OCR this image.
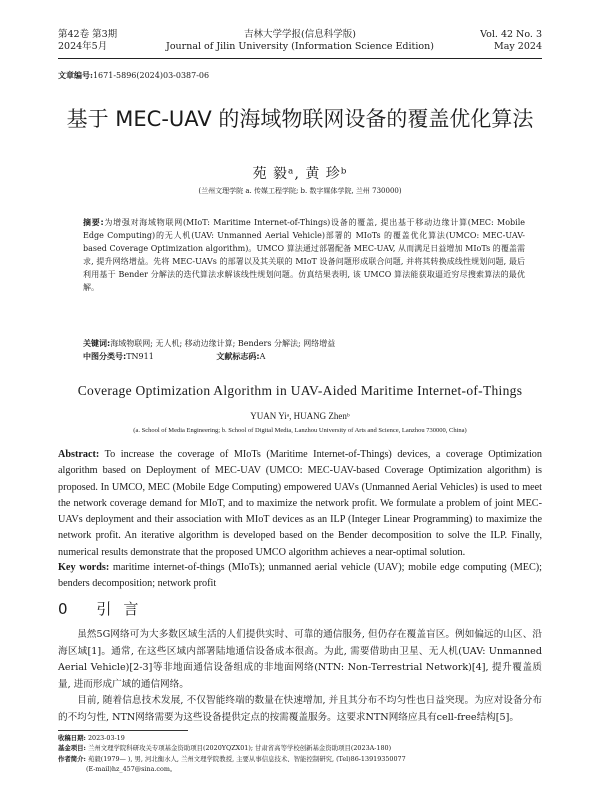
第42卷 第3期
2024年5月
吉林大学学报(信息科学版)
Journal of Jilin University (Information Science Edition)
Vol. 42 No. 3
May 2024
文章编号:1671-5896(2024)03-0387-06
基于 MEC-UAV 的海域物联网设备的覆盖优化算法
苑 毅ᵃ, 黄 珍ᵇ
(兰州文理学院 a. 传媒工程学院; b. 数字媒体学院, 兰州 730000)
摘要:为增强对海域物联网(MIoT: Maritime Internet-of-Things)设备的覆盖, 提出基于移动边缘计算(MEC: Mobile Edge Computing)的无人机(UAV: Unmanned Aerial Vehicle)部署的 MIoTs 的覆盖优化算法(UMCO: MEC-UAV-based Coverage Optimization algorithm)。UMCO 算法通过部署配备 MEC-UAV, 从而满足日益增加 MIoTs 的覆盖需求, 提升网络增益。先将 MEC-UAVs 的部署以及其关联的 MIoT 设备问题形成联合问题, 并将其转换成线性规划问题, 最后利用基于 Bender 分解法的迭代算法求解该线性规划问题。仿真结果表明, 该 UMCO 算法能获取逼近穷尽搜索算法的最优解。
关键词:海域物联网; 无人机; 移动边缘计算; Benders 分解法; 网络增益
中图分类号:TN911	文献标志码:A
Coverage Optimization Algorithm in UAV-Aided Maritime Internet-of-Things
YUAN Yiᵃ, HUANG Zhenᵇ
(a. School of Media Engineering; b. School of Digital Media, Lanzhou University of Arts and Science, Lanzhou 730000, China)
Abstract: To increase the coverage of MIoTs (Maritime Internet-of-Things) devices, a coverage Optimization algorithm based on Deployment of MEC-UAV (UMCO: MEC-UAV-based Coverage Optimization algorithm) is proposed. In UMCO, MEC (Mobile Edge Computing) empowered UAVs (Unmanned Aerial Vehicles) is used to meet the network coverage demand for MIoT, and to maximize the network profit. We formulate a problem of joint MEC-UAVs deployment and their association with MIoT devices as an ILP (Integer Linear Programming) to maximize the network profit. An iterative algorithm is developed based on the Bender decomposition to solve the ILP. Finally, numerical results demonstrate that the proposed UMCO algorithm achieves a near-optimal solution.
Key words: maritime internet-of-things (MIoTs); unmanned aerial vehicle (UAV); mobile edge computing (MEC); benders decomposition; network profit
0 引言

虽然5G网络可为大多数区域生活的人们提供实时、可靠的通信服务, 但仍存在覆盖盲区。例如偏远的山区、沿海区域[1]。通常, 在这些区域内部署陆地通信设备成本很高。为此, 需要借助由卫星、无人机(UAV: Unmanned Aerial Vehicle)[2-3]等非地面通信设备组成的非地面网络(NTN: Non-Terrestrial Network)[4], 提升覆盖质量, 进而形成广域的通信网络。

目前, 随着信息技术发展, 不仅智能终端的数量在快速增加, 并且其分布不均匀性也日益突现。为应对设备分布的不均匀性, NTN网络需要为这些设备提供定点的按需覆盖服务。这要求NTN网络应具有cell-free结构[5]。

收稿日期: 2023-03-19
基金项目: 兰州文理学院科研攻关专项基金资助项目(2020YQZX01); 甘肃省高等学校创新基金资助项目(2023A-180)
作者简介: 苑毅(1979— ), 男, 河北衡水人, 兰州文理学院教授, 主要从事信息技术、智能控制研究, (Tel)86-13919350077
(E-mail)hz_457@sina.com。
